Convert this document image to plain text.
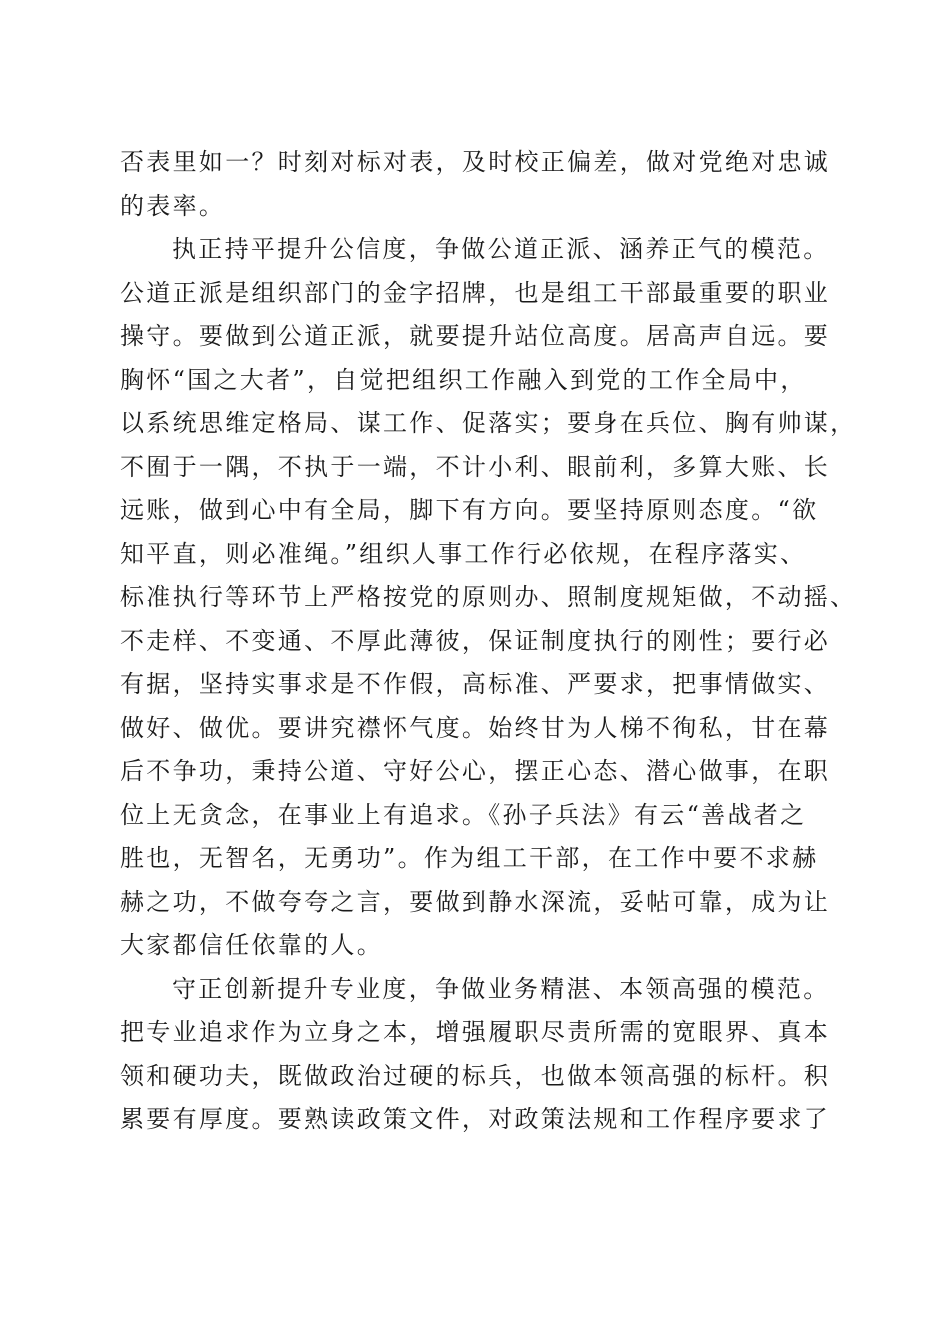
否表里如一？时刻对标对表，及时校正偏差，做对党绝对忠诚
的表率。
执正持平提升公信度，争做公道正派、涵养正气的模范。
公道正派是组织部门的金字招牌，也是组工干部最重要的职业
操守。要做到公道正派，就要提升站位高度。居高声自远。要
胸怀“国之大者”，自觉把组织工作融入到党的工作全局中，
以系统思维定格局、谋工作、促落实；要身在兵位、胸有帅谋，
不囿于一隅，不执于一端，不计小利、眼前利，多算大账、长
远账，做到心中有全局，脚下有方向。要坚持原则态度。“欲
知平直，则必准绳。”组织人事工作行必依规，在程序落实、
标准执行等环节上严格按党的原则办、照制度规矩做，不动摇、
不走样、不变通、不厚此薄彼，保证制度执行的刚性；要行必
有据，坚持实事求是不作假，高标准、严要求，把事情做实、
做好、做优。要讲究襟怀气度。始终甘为人梯不徇私，甘在幕
后不争功，秉持公道、守好公心，摆正心态、潜心做事，在职
位上无贪念，在事业上有追求。《孙子兵法》有云“善战者之
胜也，无智名，无勇功”。作为组工干部，在工作中要不求赫
赫之功，不做夸夸之言，要做到静水深流，妥帖可靠，成为让
大家都信任依靠的人。
守正创新提升专业度，争做业务精湛、本领高强的模范。
把专业追求作为立身之本，增强履职尽责所需的宽眼界、真本
领和硬功夫，既做政治过硬的标兵，也做本领高强的标杆。积
累要有厚度。要熟读政策文件，对政策法规和工作程序要求了
